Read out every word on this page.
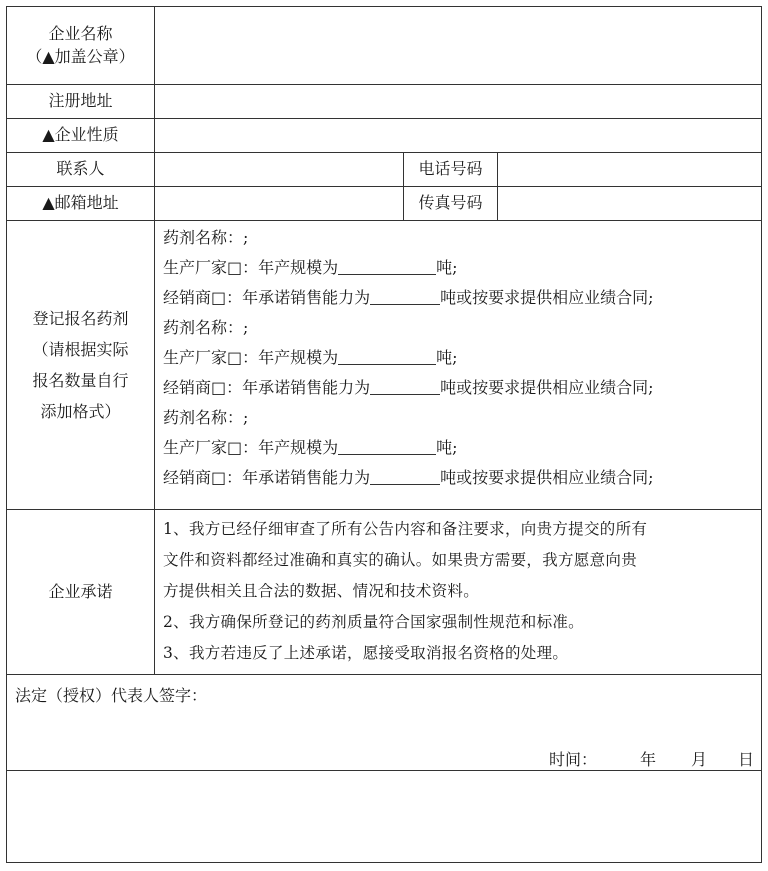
企业名称
（▲加盖公章）
注册地址
▲企业性质
联系人	电话号码
▲邮箱地址	传真号码
登记报名药剂
（请根据实际
报名数量自行
添加格式）
药剂名称：;
生产厂家□：年产规模为	吨;
经销商□：年承诺销售能力为	吨或按要求提供相应业绩合同;
药剂名称：;
生产厂家□：年产规模为	吨;
经销商□：年承诺销售能力为	吨或按要求提供相应业绩合同;
药剂名称：;
生产厂家□：年产规模为	吨;
经销商□：年承诺销售能力为	吨或按要求提供相应业绩合同;
企业承诺
1、我方已经仔细审查了所有公告内容和备注要求，向贵方提交的所有
文件和资料都经过准确和真实的确认。如果贵方需要，我方愿意向贵
方提供相关且合法的数据、情况和技术资料。
2、我方确保所登记的药剂质量符合国家强制性规范和标准。
3、我方若违反了上述承诺，愿接受取消报名资格的处理。
法定（授权）代表人签字：
时间：	年 月 日
